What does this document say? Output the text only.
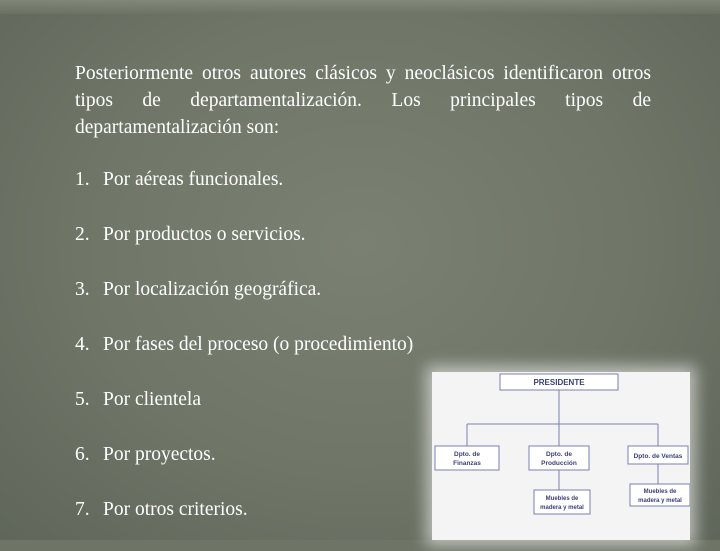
Posteriormente otros autores clásicos y neoclásicos identificaron otros tipos de departamentalización. Los principales tipos de departamentalización son:

1. Por aéreas funcionales.
2. Por productos o servicios.
3. Por localización geográfica.
4. Por fases del proceso (o procedimiento)
5. Por clientela
6. Por proyectos.
7. Por otros criterios.
PRESIDENTE
Dpto. de
Finanzas
Dpto. de
Producción
Dpto. de Ventas
Muebles de
madera y metal
Muebles de
madera y metal
